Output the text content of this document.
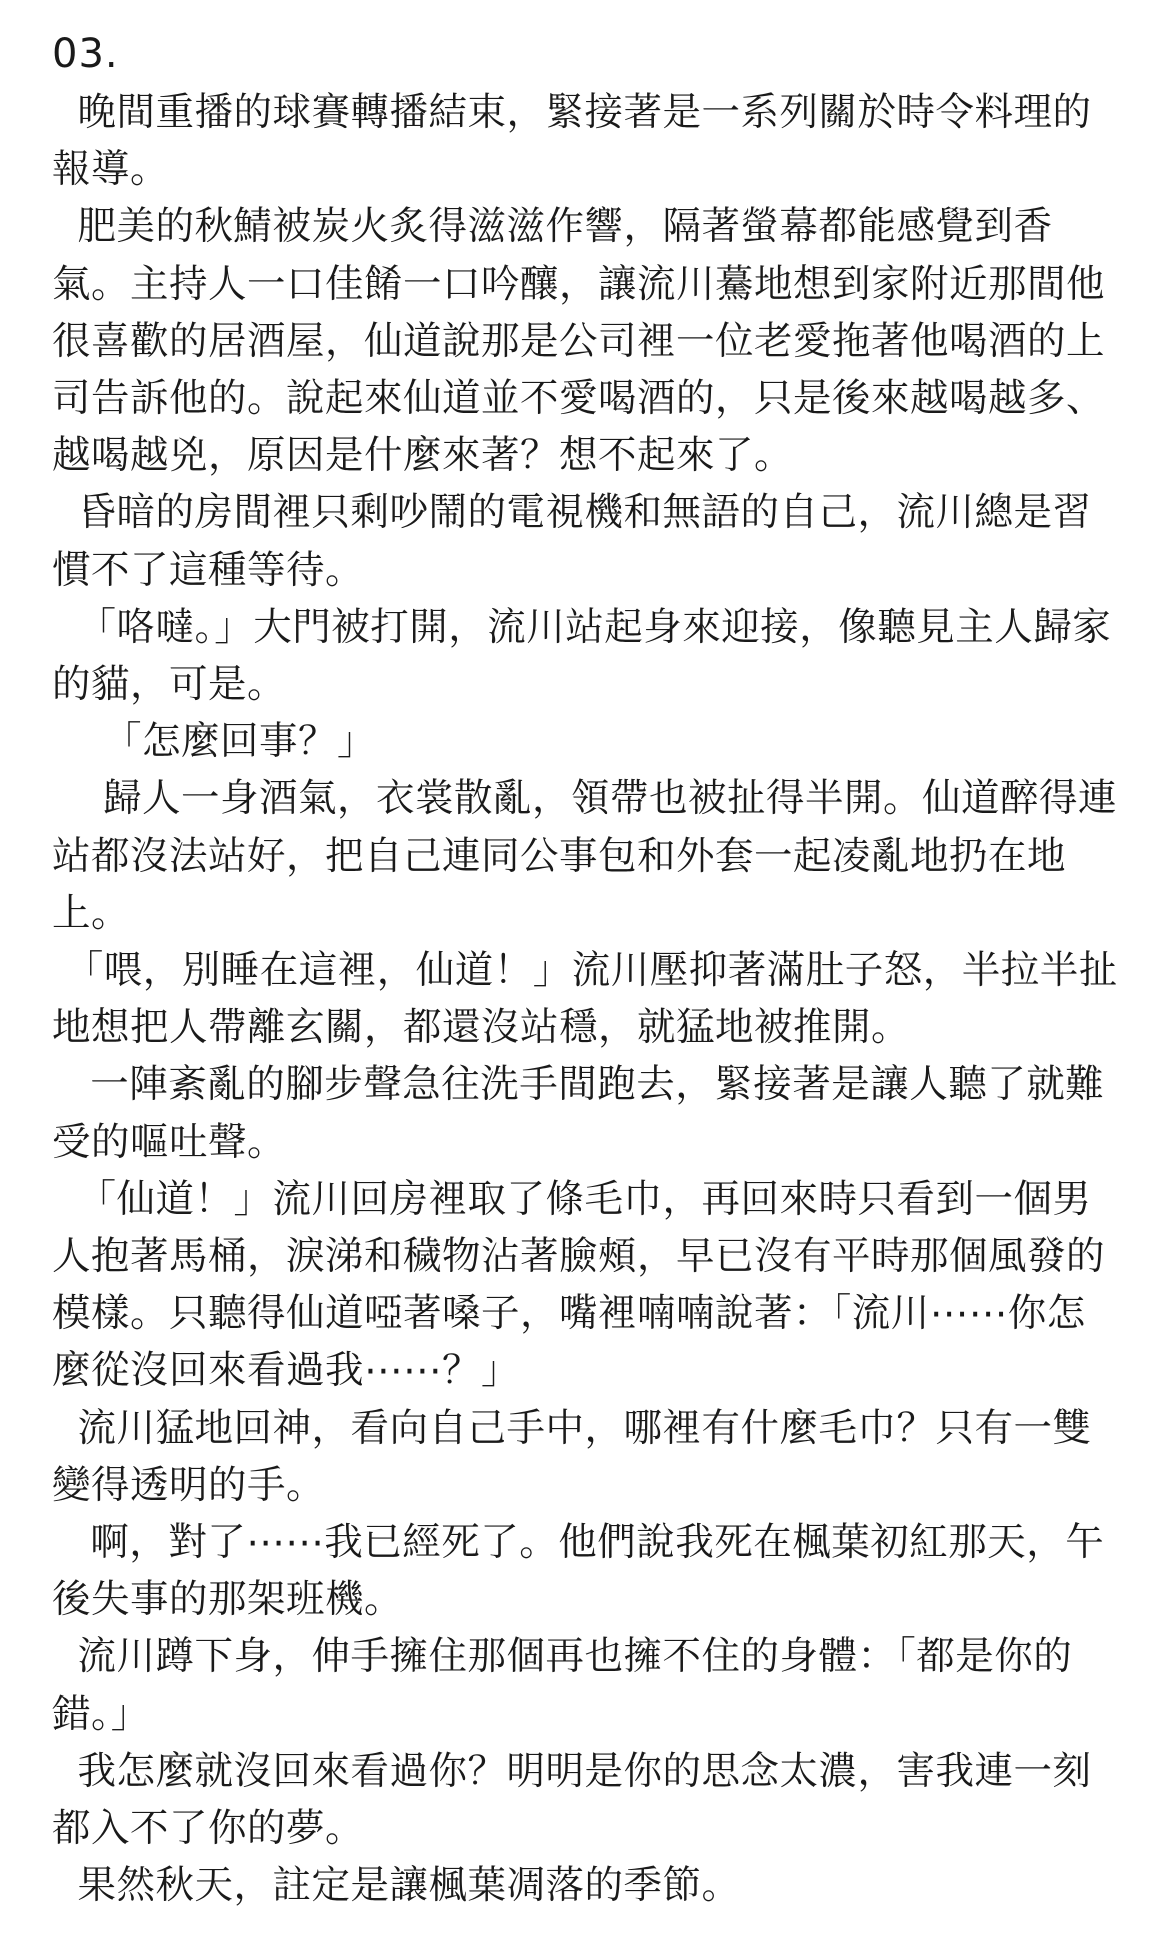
03.

晚間重播的球賽轉播結束，緊接著是一系列關於時令料理的報導。

肥美的秋鯖被炭火炙得滋滋作響，隔著螢幕都能感覺到香氣。主持人一口佳餚一口吟釀，讓流川驀地想到家附近那間他很喜歡的居酒屋，仙道說那是公司裡一位老愛拖著他喝酒的上司告訴他的。說起來仙道並不愛喝酒的，只是後來越喝越多、越喝越兇，原因是什麼來著？想不起來了。

昏暗的房間裡只剩吵鬧的電視機和無語的自己，流川總是習慣不了這種等待。

「咯噠。」大門被打開，流川站起身來迎接，像聽見主人歸家的貓，可是。

「怎麼回事？」

歸人一身酒氣，衣裳散亂，領帶也被扯得半開。仙道醉得連站都沒法站好，把自己連同公事包和外套一起凌亂地扔在地上。

「喂，別睡在這裡，仙道！」流川壓抑著滿肚子怒，半拉半扯地想把人帶離玄關，都還沒站穩，就猛地被推開。

一陣紊亂的腳步聲急往洗手間跑去，緊接著是讓人聽了就難受的嘔吐聲。

「仙道！」流川回房裡取了條毛巾，再回來時只看到一個男人抱著馬桶，淚涕和穢物沾著臉頰，早已沒有平時那個風發的模樣。只聽得仙道啞著嗓子，嘴裡喃喃說著：「流川⋯⋯你怎麼從沒回來看過我⋯⋯？」

流川猛地回神，看向自己手中，哪裡有什麼毛巾？只有一雙變得透明的手。

啊，對了⋯⋯我已經死了。他們說我死在楓葉初紅那天，午後失事的那架班機。

流川蹲下身，伸手擁住那個再也擁不住的身體：「都是你的錯。」

我怎麼就沒回來看過你？明明是你的思念太濃，害我連一刻都入不了你的夢。

果然秋天，註定是讓楓葉凋落的季節。
